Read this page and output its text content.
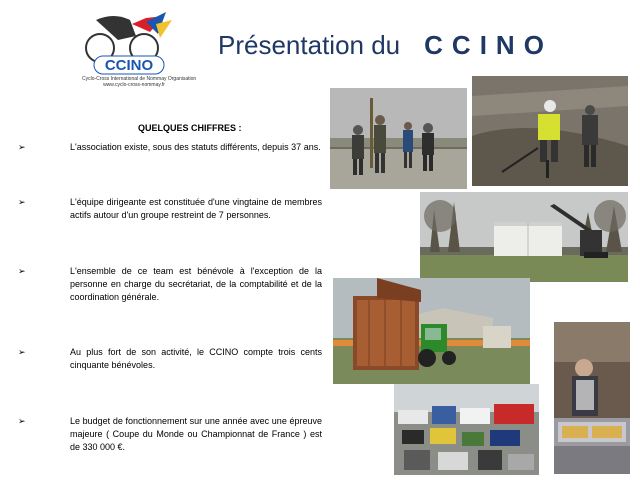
CCINO
Cyclo-Cross International de Nommay Organisation
www.cyclo-cross-nommay.fr
Présentation du CCINO
QUELQUES CHIFFRES :
➢	L'association existe, sous des statuts différents, depuis 37 ans.
➢	L'équipe dirigeante est constituée d'une vingtaine de membres actifs autour d'un groupe restreint de 7 personnes.
➢	L'ensemble de ce team est bénévole à l'exception de la personne en charge du secrétariat, de la comptabilité et de la coordination générale.
➢	Au plus fort de son activité, le CCINO compte trois cents cinquante bénévoles.
➢	Le budget de fonctionnement sur une année avec une épreuve majeure ( Coupe du Monde ou Championnat de France ) est de 330 000 €.
